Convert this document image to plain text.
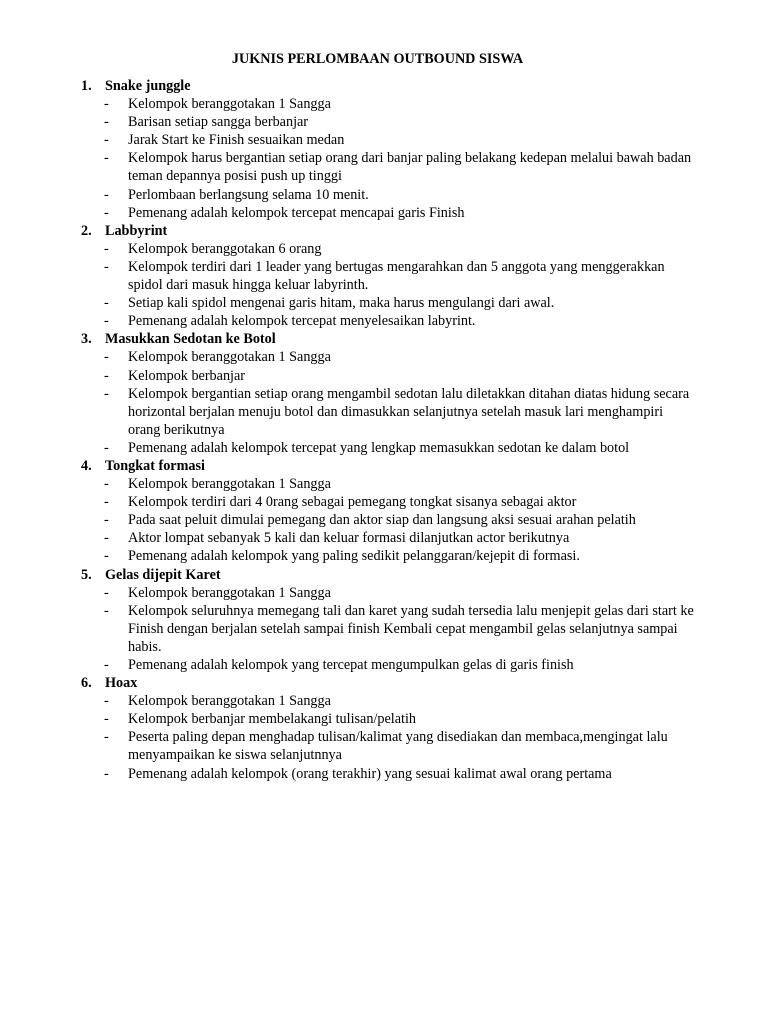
JUKNIS PERLOMBAAN OUTBOUND SISWA
1. Snake junggle
- Kelompok beranggotakan 1 Sangga
- Barisan setiap sangga berbanjar
- Jarak Start ke Finish sesuaikan medan
- Kelompok harus bergantian setiap orang dari banjar paling belakang kedepan melalui bawah badan teman depannya posisi push up tinggi
- Perlombaan berlangsung selama 10 menit.
- Pemenang adalah kelompok tercepat mencapai garis Finish
2. Labbyrint
- Kelompok beranggotakan 6 orang
- Kelompok terdiri dari 1 leader yang bertugas mengarahkan dan 5 anggota yang menggerakkan spidol dari masuk hingga keluar labyrinth.
- Setiap kali spidol mengenai garis hitam, maka harus mengulangi dari awal.
- Pemenang adalah kelompok tercepat menyelesaikan labyrint.
3. Masukkan Sedotan ke Botol
- Kelompok beranggotakan 1 Sangga
- Kelompok berbanjar
- Kelompok bergantian setiap orang mengambil sedotan lalu diletakkan ditahan diatas hidung secara horizontal berjalan menuju botol dan dimasukkan selanjutnya setelah masuk lari menghampiri orang berikutnya
- Pemenang adalah kelompok tercepat yang lengkap memasukkan sedotan ke dalam botol
4. Tongkat formasi
- Kelompok beranggotakan 1 Sangga
- Kelompok terdiri dari 4 0rang sebagai pemegang tongkat sisanya sebagai aktor
- Pada saat peluit dimulai pemegang dan aktor siap dan langsung aksi sesuai arahan pelatih
- Aktor lompat sebanyak 5 kali dan keluar formasi dilanjutkan actor berikutnya
- Pemenang adalah kelompok yang paling sedikit pelanggaran/kejepit di formasi.
5. Gelas dijepit Karet
- Kelompok beranggotakan 1 Sangga
- Kelompok seluruhnya memegang tali dan karet yang sudah tersedia lalu menjepit gelas dari start ke Finish dengan berjalan setelah sampai finish Kembali cepat mengambil gelas selanjutnya sampai habis.
- Pemenang adalah kelompok yang tercepat mengumpulkan gelas di garis finish
6. Hoax
- Kelompok beranggotakan 1 Sangga
- Kelompok berbanjar membelakangi tulisan/pelatih
- Peserta paling depan menghadap tulisan/kalimat yang disediakan dan membaca,mengingat lalu menyampaikan ke siswa selanjutnnya
- Pemenang adalah kelompok (orang terakhir) yang sesuai kalimat awal orang pertama
